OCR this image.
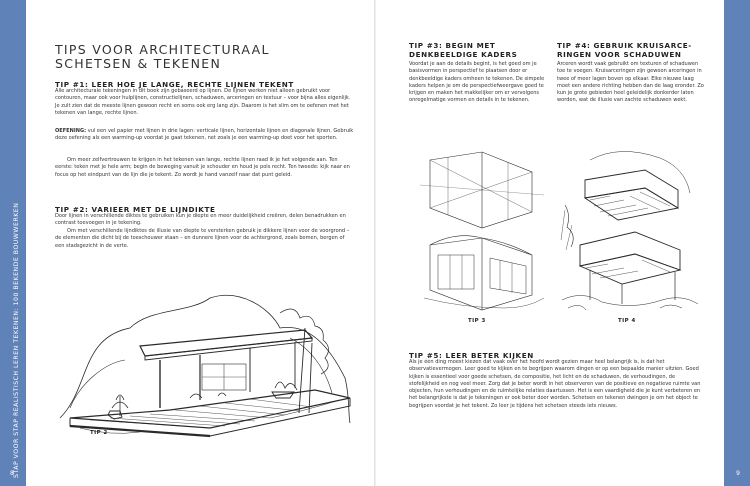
STAP VOOR STAP REALISTISCH LEREN TEKENEN: 100 BEKENDE BOUWWERKEN	INLEIDING
8	9
TIPS VOOR ARCHITECTURAAL
SCHETSEN & TEKENEN
TIP #1: LEER HOE JE LANGE, RECHTE LIJNEN TEKENT
Alle architecturale tekeningen in dit boek zijn gebaseerd op lijnen. De lijnen werken niet alleen gebruikt voor contouren, maar ook voor hulplijnen, constructielijnen, schaduwen, arceringen en textuur – voor bijna alles eigenlijk. Je zult zien dat de meeste lijnen gewoon recht en soms ook erg lang zijn. Daarom is het slim om te oefenen met het tekenen van lange, rechte lijnen.
OEFENING: vul een vel papier met lijnen in drie lagen: verticale lijnen, horizontale lijnen en diagonale lijnen. Gebruik deze oefening als een warming-up voordat je gaat tekenen, net zoals je een warming-up doet voor het sporten.
Om meer zelfvertrouwen te krijgen in het tekenen van lange, rechte lijnen raad ik je het volgende aan. Ten eerste: teken met je hele arm; begin de beweging vanuit je schouder en houd je pols recht. Ten tweede: kijk naar en focus op het eindpunt van de lijn die je tekent. Zo wordt je hand vanzelf naar dat punt geleid.
TIP #2: VARIEER MET DE LIJNDIKTE
Door lijnen in verschillende diktes te gebruiken kun je diepte en meer duidelijkheid creëren, delen benadrukken en contrast toevoegen in je tekening.
Om met verschillende lijndiktes de illusie van diepte te versterken gebruik je dikkere lijnen voor de voorgrond – de elementen die dicht bij de toeschouwer staan – en dunnere lijnen voor de achtergrond, zoals bomen, bergen of een stadsgezicht in de verte.
TIP 2
TIP #3: BEGIN MET
DENKBEELDIGE KADERS
Voordat je aan de details begint, is het goed om je basisvormen in perspectief te plaatsen door er denkbeeldige kaders omheen te tekenen. De simpele kaders helpen je om de perspectiefweergave goed te krijgen en maken het makkelijker om er vervolgens onregelmatige vormen en details in te tekenen.
TIP #4: GEBRUIK KRUISARCE-
RINGEN VOOR SCHADUWEN
Arceren wordt vaak gebruikt om texturen of schaduwen toe te voegen. Kruisarceringen zijn gewoon arceringen in twee of meer lagen boven op elkaar. Elke nieuwe laag moet een andere richting hebben dan de laag eronder. Zo kun je grote gebieden heel geleidelijk donkerder laten worden, wat de illusie van zachte schaduwen wekt.
TIP 3	TIP 4
TIP #5: LEER BETER KIJKEN
Als je één ding moest kiezen dat vaak over het hoofd wordt gezien maar heel belangrijk is, is dat het observatievermogen. Leer goed te kijken en te begrijpen waarom dingen er op een bepaalde manier uitzien. Goed kijken is essentieel voor goede schetsen, de compositie, het licht en de schaduwen, de verhoudingen, de stofelijkheid en nog veel meer. Zorg dat je beter wordt in het observeren van de positieve en negatieve ruimte van objecten, hun verhoudingen en de ruimtelijke relaties daartussen. Het is een vaardigheid die je kunt verbeteren en het belangrijkste is dat je tekeningen er ook beter door worden. Schetsen en tekenen dwingen je om het object te begrijpen voordat je het tekent. Zo leer je tijdens het schetsen steeds iets nieuws.
